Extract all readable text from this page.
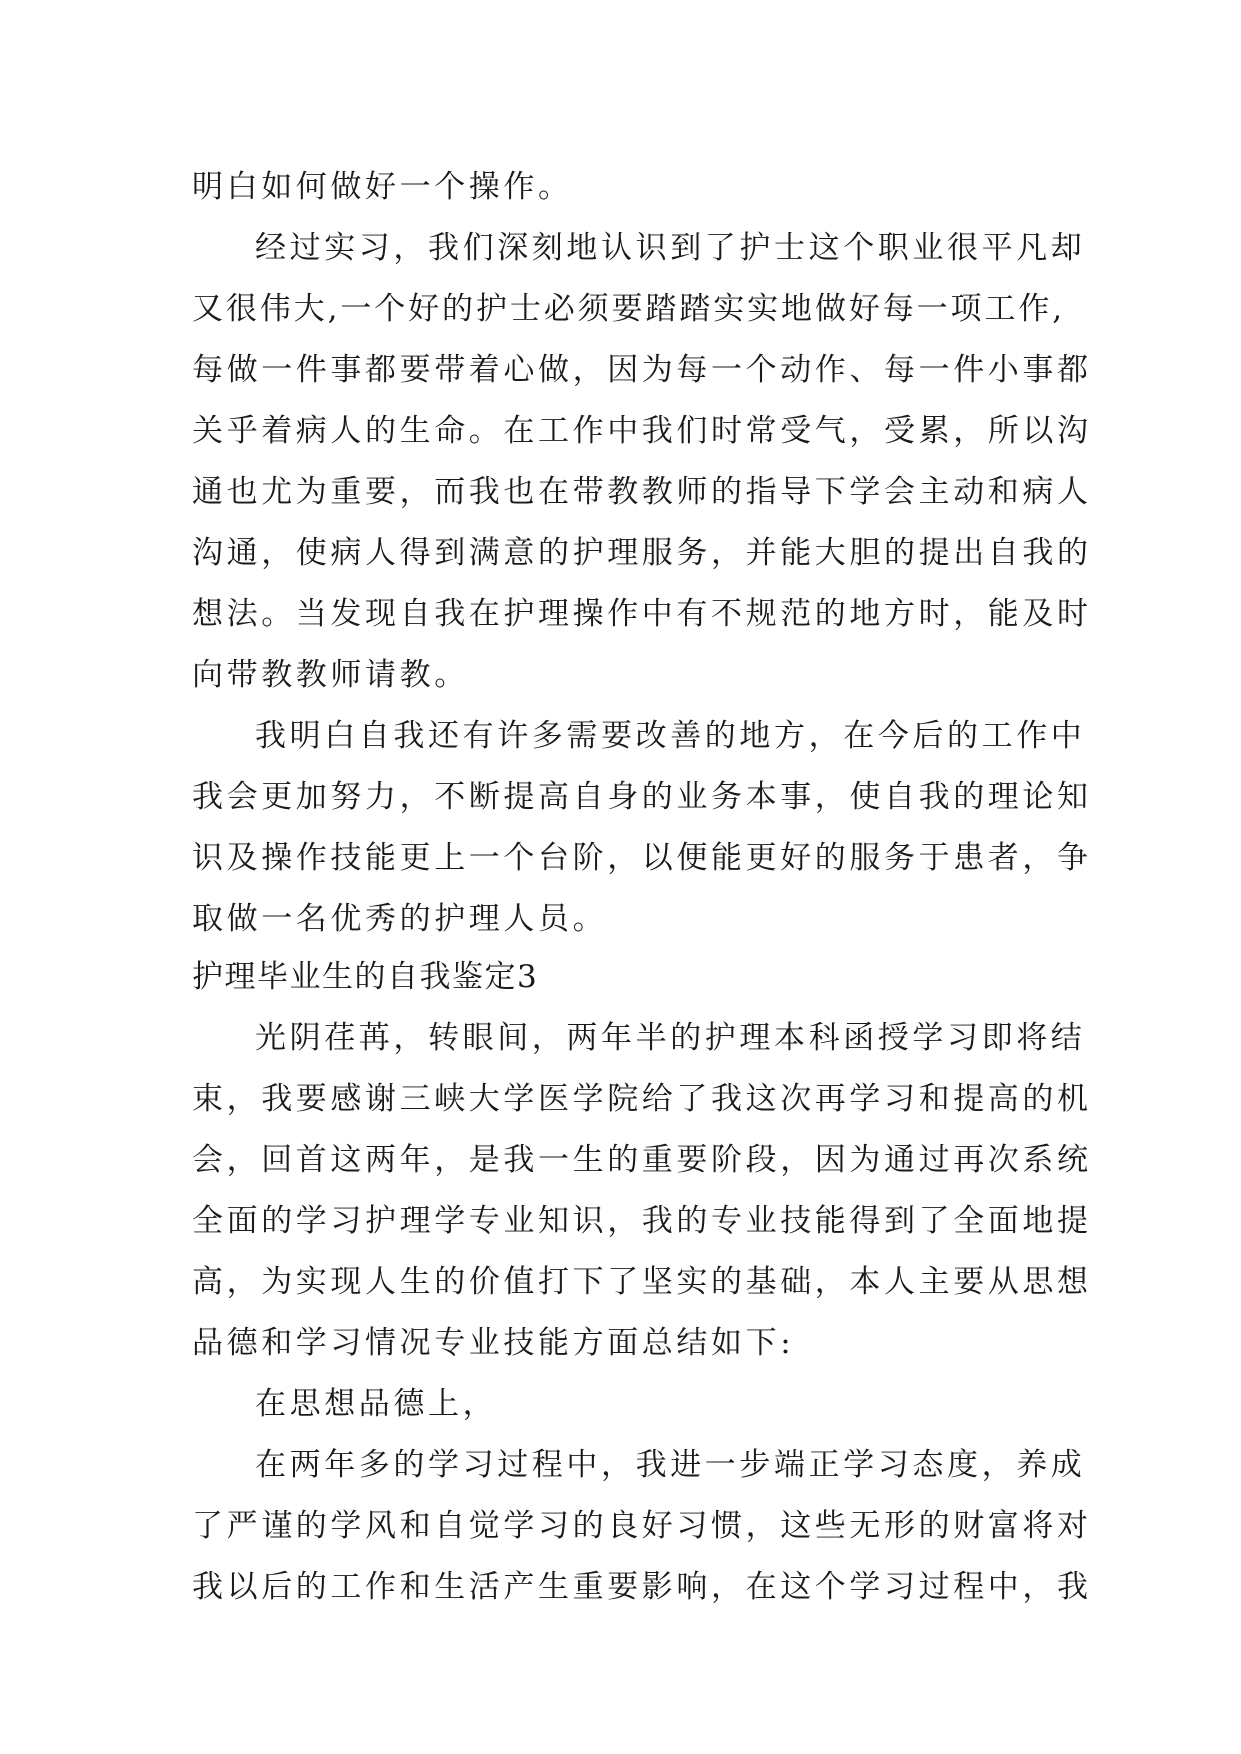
明白如何做好一个操作。
经过实习，我们深刻地认识到了护士这个职业很平凡却
又很伟大,一个好的护士必须要踏踏实实地做好每一项工作,
每做一件事都要带着心做，因为每一个动作、每一件小事都
关乎着病人的生命。在工作中我们时常受气，受累，所以沟
通也尤为重要，而我也在带教教师的指导下学会主动和病人
沟通，使病人得到满意的护理服务，并能大胆的提出自我的
想法。当发现自我在护理操作中有不规范的地方时，能及时
向带教教师请教。
我明白自我还有许多需要改善的地方，在今后的工作中
我会更加努力，不断提高自身的业务本事，使自我的理论知
识及操作技能更上一个台阶，以便能更好的服务于患者，争
取做一名优秀的护理人员。
护理毕业生的自我鉴定3
光阴荏苒，转眼间，两年半的护理本科函授学习即将结
束，我要感谢三峡大学医学院给了我这次再学习和提高的机
会，回首这两年，是我一生的重要阶段，因为通过再次系统
全面的学习护理学专业知识，我的专业技能得到了全面地提
高，为实现人生的价值打下了坚实的基础，本人主要从思想
品德和学习情况专业技能方面总结如下:
在思想品德上，
在两年多的学习过程中，我进一步端正学习态度，养成
了严谨的学风和自觉学习的良好习惯，这些无形的财富将对
我以后的工作和生活产生重要影响，在这个学习过程中，我
